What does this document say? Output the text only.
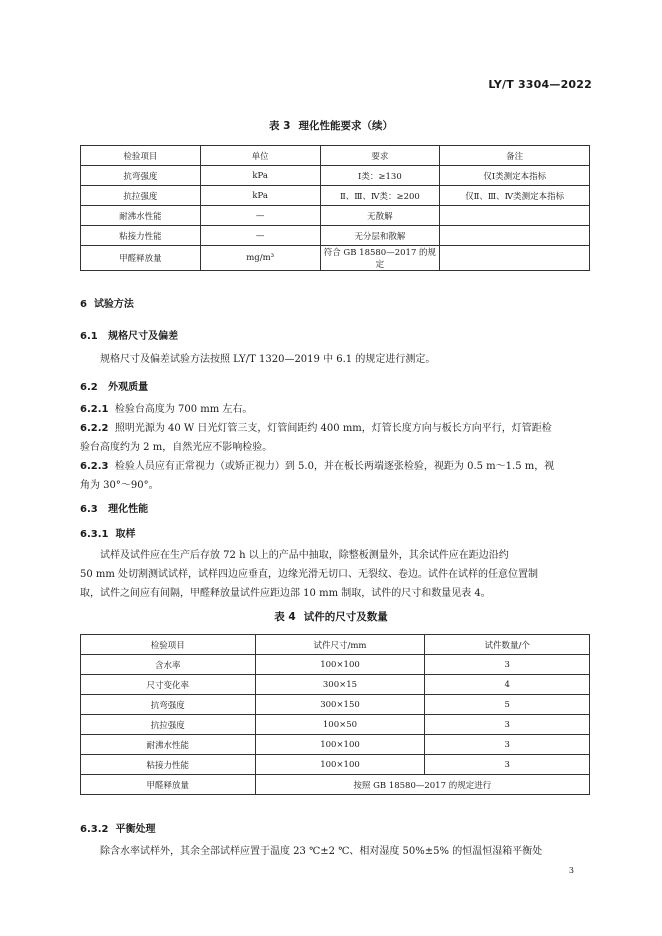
LY/T 3304—2022
表 3 理化性能要求（续）
检验项目	单位	要求	备注
抗弯强度	kPa	Ⅰ类：≥130	仅Ⅰ类测定本指标
抗拉强度	kPa	Ⅱ、Ⅲ、Ⅳ类：≥200	仅Ⅱ、Ⅲ、Ⅳ类测定本指标
耐沸水性能	—	无散解	
粘接力性能	—	无分层和散解	
甲醛释放量	mg/m³	符合 GB 18580—2017 的规定	
6 试验方法
6.1 规格尺寸及偏差
规格尺寸及偏差试验方法按照 LY/T 1320—2019 中 6.1 的规定进行测定。
6.2 外观质量
6.2.1 检验台高度为 700 mm 左右。
6.2.2 照明光源为 40 W 日光灯管三支，灯管间距约 400 mm，灯管长度方向与板长方向平行，灯管距检
验台高度约为 2 m，自然光应不影响检验。
6.2.3 检验人员应有正常视力（或矫正视力）到 5.0，并在板长两端逐张检验，视距为 0.5 m～1.5 m，视
角为 30°～90°。
6.3 理化性能
6.3.1 取样
试样及试件应在生产后存放 72 h 以上的产品中抽取，除整板测量外，其余试件应在距边沿约
50 mm 处切割测试试样，试样四边应垂直，边缘光滑无切口、无裂纹、卷边。试件在试样的任意位置制
取，试件之间应有间隔，甲醛释放量试件应距边部 10 mm 制取，试件的尺寸和数量见表 4。
表 4 试件的尺寸及数量
检验项目	试件尺寸/mm	试件数量/个
含水率	100×100	3
尺寸变化率	300×15	4
抗弯强度	300×150	5
抗拉强度	100×50	3
耐沸水性能	100×100	3
粘接力性能	100×100	3
甲醛释放量	按照 GB 18580—2017 的规定进行	
6.3.2 平衡处理
除含水率试样外，其余全部试样应置于温度 23 ℃±2 ℃、相对湿度 50%±5% 的恒温恒湿箱平衡处
3
